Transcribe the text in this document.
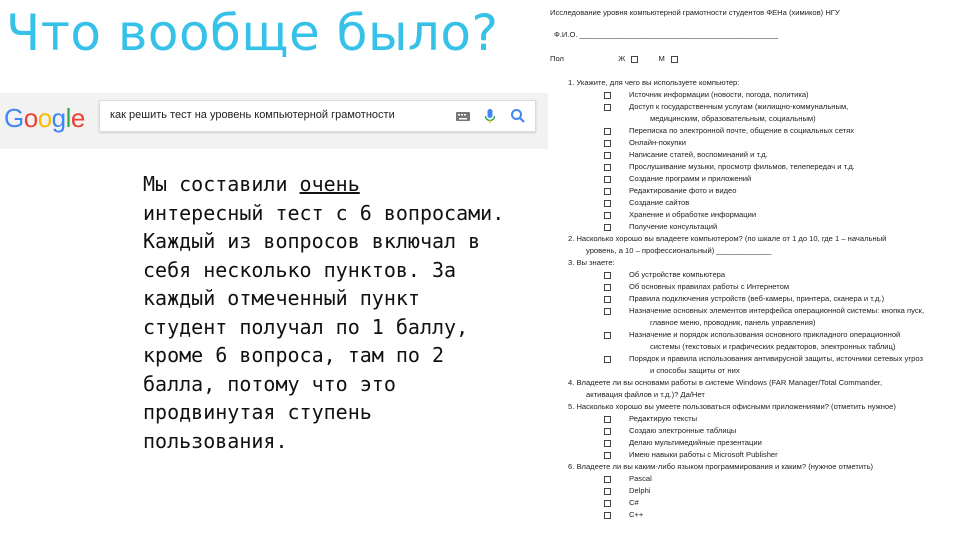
Что вообще было?
Google как решить тест на уровень компьютерной грамотности
Мы составили очень
интересный тест с 6 вопросами.
Каждый из вопросов включал в
себя несколько пунктов. За
каждый отмеченный пункт
студент получал по 1 баллу,
кроме 6 вопроса, там по 2
балла, потому что это
продвинутая ступень
пользования.
Исследование уровня компьютерной грамотности студентов ФЕНа (химиков) НГУ
Ф.И.О. _______________________________________________
Пол	Ж	М
1. Укажите, для чего вы используете компьютер:
Источник информации (новости, погода, политика)
Доступ к государственным услугам (жилищно-коммунальным,
медицинским, образовательным, социальным)
Переписка по электронной почте, общение в социальных сетях
Онлайн-покупки
Написание статей, воспоминаний и т.д.
Прослушивание музыки, просмотр фильмов, телепередач и т.д.
Создание программ и приложений
Редактирование фото и видео
Создание сайтов
Хранение и обработке информации
Получение консультаций
2. Насколько хорошо вы владеете компьютером? (по шкале от 1 до 10, где 1 – начальный
уровень, а 10 – профессиональный) _____________
3. Вы знаете:
Об устройстве компьютера
Об основных правилах работы с Интернетом
Правила подключения устройств (веб-камеры, принтера, сканера и т.д.)
Назначение основных элементов интерфейса операционной системы: кнопка пуск,
главное меню, проводник, панель управления)
Назначение и порядок использования основного прикладного операционной
системы (текстовых и графических редакторов, электронных таблиц)
Порядок и правила использования антивирусной защиты, источники сетевых угроз
и способы защиты от них
4. Владеете ли вы основами работы в системе Windows (FAR Manager/Total Commander,
активация файлов и т.д.)? Да/Нет
5. Насколько хорошо вы умеете пользоваться офисными приложениями? (отметить нужное)
Редактирую тексты
Создаю электронные таблицы
Делаю мультимедийные презентации
Имею навыки работы с Microsoft Publisher
6. Владеете ли вы каким-либо языком программирования и каким? (нужное отметить)
Pascal
Delphi
C#
C++
